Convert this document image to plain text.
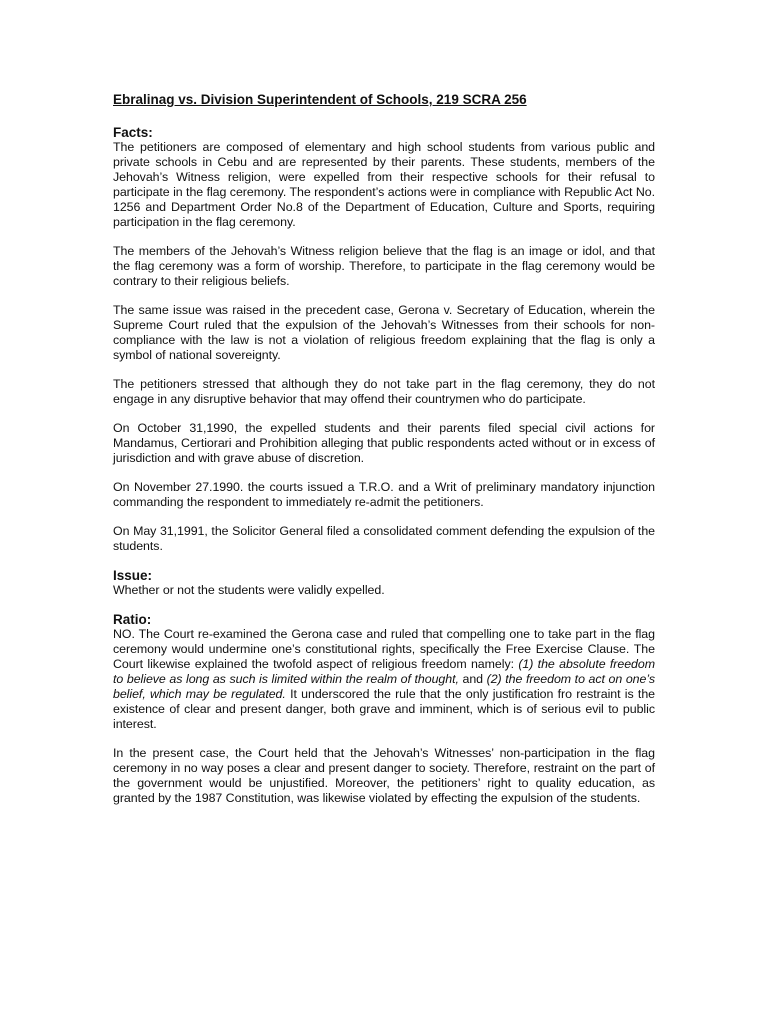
Ebralinag vs. Division Superintendent of Schools, 219 SCRA 256
Facts:

The petitioners are composed of elementary and high school students from various public and private schools in Cebu and are represented by their parents. These students, members of the Jehovah’s Witness religion, were expelled from their respective schools for their refusal to participate in the flag ceremony. The respondent’s actions were in compliance with Republic Act No. 1256 and Department Order No.8 of the Department of Education, Culture and Sports, requiring participation in the flag ceremony.

The members of the Jehovah’s Witness religion believe that the flag is an image or idol, and that the flag ceremony was a form of worship. Therefore, to participate in the flag ceremony would be contrary to their religious beliefs.

The same issue was raised in the precedent case, Gerona v. Secretary of Education, wherein the Supreme Court ruled that the expulsion of the Jehovah’s Witnesses from their schools for non-compliance with the law is not a violation of religious freedom explaining that the flag is only a symbol of national sovereignty.

The petitioners stressed that although they do not take part in the flag ceremony, they do not engage in any disruptive behavior that may offend their countrymen who do participate.

On October 31,1990, the expelled students and their parents filed special civil actions for Mandamus, Certiorari and Prohibition alleging that public respondents acted without or in excess of jurisdiction and with grave abuse of discretion.

On November 27.1990. the courts issued a T.R.O. and a Writ of preliminary mandatory injunction commanding the respondent to immediately re-admit the petitioners.

On May 31,1991, the Solicitor General filed a consolidated comment defending the expulsion of the students.

Issue:

Whether or not the students were validly expelled.

Ratio:

NO. The Court re-examined the Gerona case and ruled that compelling one to take part in the flag ceremony would undermine one’s constitutional rights, specifically the Free Exercise Clause. The Court likewise explained the twofold aspect of religious freedom namely: (1) the absolute freedom to believe as long as such is limited within the realm of thought, and (2) the freedom to act on one’s belief, which may be regulated. It underscored the rule that the only justification fro restraint is the existence of clear and present danger, both grave and imminent, which is of serious evil to public interest.

In the present case, the Court held that the Jehovah’s Witnesses’ non-participation in the flag ceremony in no way poses a clear and present danger to society. Therefore, restraint on the part of the government would be unjustified. Moreover, the petitioners’ right to quality education, as granted by the 1987 Constitution, was likewise violated by effecting the expulsion of the students.
